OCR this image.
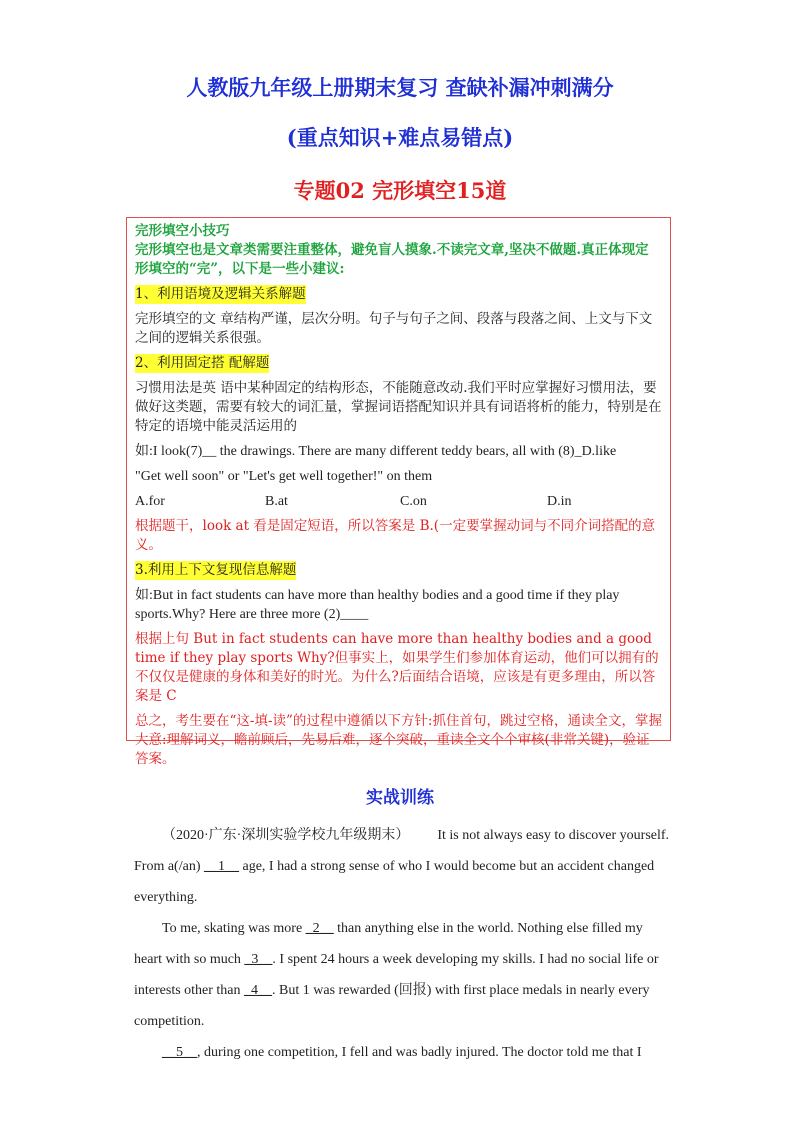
人教版九年级上册期末复习 查缺补漏冲刺满分
(重点知识+难点易错点)
专题02 完形填空15道
完形填空小技巧
完形填空也是文章类需要注重整体，避免盲人摸象.不读完文章,坚决不做题.真正体现定形填空的“完”，以下是一些小建议:
1、利用语境及逻辑关系解题
完形填空的文 章结构严谨，层次分明。句子与句子之间、段落与段落之间、上文与下文之间的逻辑关系很强。
2、利用固定搭 配解题
习惯用法是英 语中某种固定的结构形态，不能随意改动.我们平时应掌握好习惯用法，要做好这类题，需要有较大的词汇量，掌握词语搭配知识并具有词语将析的能力，特别是在特定的语境中能灵活运用的
如:I look(7)__ the drawings. There are many different teddy bears, all with (8)_D.like
"Get well soon" or "Let's get well together!" on them
A.for	B.at	C.on	D.in
根据题干，look at 看是固定短语，所以答案是 B.(一定要掌握动词与不同介词搭配的意义。
3.利用上下文复现信息解题
如:But in fact students can have more than healthy bodies and a good time if they play sports.Why? Here are three more (2)____
根据上句 But in fact students can have more than healthy bodies and a good time if they play sports Why?但事实上，如果学生们参加体育运动，他们可以拥有的不仅仅是健康的身体和美好的时光。为什么?后面结合语境，应该是有更多理由，所以答案是 C
总之，考生要在“这-填-读”的过程中遵循以下方针:抓住首句，跳过空格，通读全文，掌握大意:理解词义，瞻前顾后，先易后难，逐个突破，重读全文个个审核(非常关键)，验证答案。
实战训练

（2020·广东·深圳实验学校九年级期末） It is not always easy to discover yourself. From a(/an) __1__ age, I had a strong sense of who I would become but an accident changed everything.

To me, skating was more _2__ than anything else in the world. Nothing else filled my heart with so much _3__. I spent 24 hours a week developing my skills. I had no social life or interests other than _4__. But 1 was rewarded (回报) with first place medals in nearly every competition.

__5__, during one competition, I fell and was badly injured. The doctor told me that I
